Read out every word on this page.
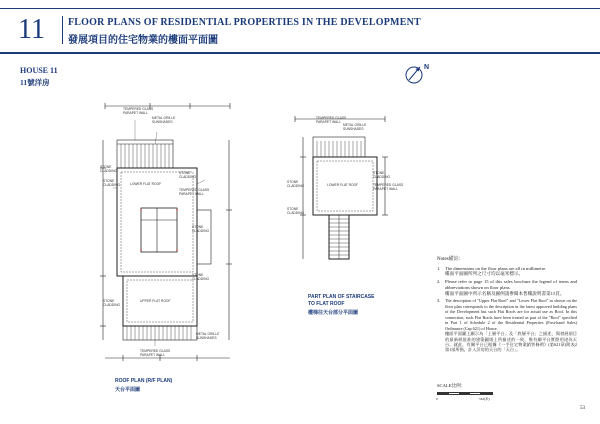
11 FLOOR PLANS OF RESIDENTIAL PROPERTIES IN THE DEVELOPMENT
發展項目的住宅物業的樓面平面圖
HOUSE 11
11號洋房
N
TEMPERED GLASS
PARAPET WALL
METAL GRILLE
SUNSHADES
STONE
CLADDING
STONE
CLADDING	LOWER FLAT ROOF
STONE
CLADDING
TEMPERED GLASS
PARAPET WALL
STONE
CLADDING
STONE
CLADDING
STONE
CLADDING
UPPER FLAT ROOF
METAL GRILLE
SUNSHADES
TEMPERED GLASS
PARAPET WALL
ROOF PLAN (R/F PLAN)
天台平面圖
TEMPERED GLASS
PARAPET WALL
METAL GRILLE
SUNSHADES
STONE
CLADDING
STONE
CLADDING
TEMPERED GLASS
PARAPET WALL
STONE
CLADDING
LOWER FLAT ROOF
PART PLAN OF STAIRCASE
TO FLAT ROOF
樓梯往天台部分平面圖
Notes備註：
1. The dimensions on the floor plans are all in millimetre.
樓面平面圖所列之尺寸均以毫米標示。
2. Please refer to page 15 of this sales brochure the legend of terms and abbreviations shown on floor plans.
樓面平面圖中所示名稱及圖例請參閱本售樓說明書第15頁。
3.	The description of "Upper Flat Roof" and "Lower Flat Roof" as shown on the floor plan corresponds to the description in the latest approved building plans of the Development but such Flat Roofs are for actual use as Roof. In this connection, such Flat Roofs have been treated as part of the "Roof" specified in Part 1 of Schedule 2 of the Residential Properties (First-hand Sales) Ordinance (Cap 621) of House.
樓面平面圖上顯示為「上層平台」及「底層平台」之描述，與發展項目的最新經批准的建築圖則上所描述的一致，惟有關平台實際用途為天台。就此，有關平台已根據《一手住宅物業銷售條例》(第621章)附表2第1部所指，計入洋房的天台的「天台」。
SCALE比例：
0	5M(米)
53
